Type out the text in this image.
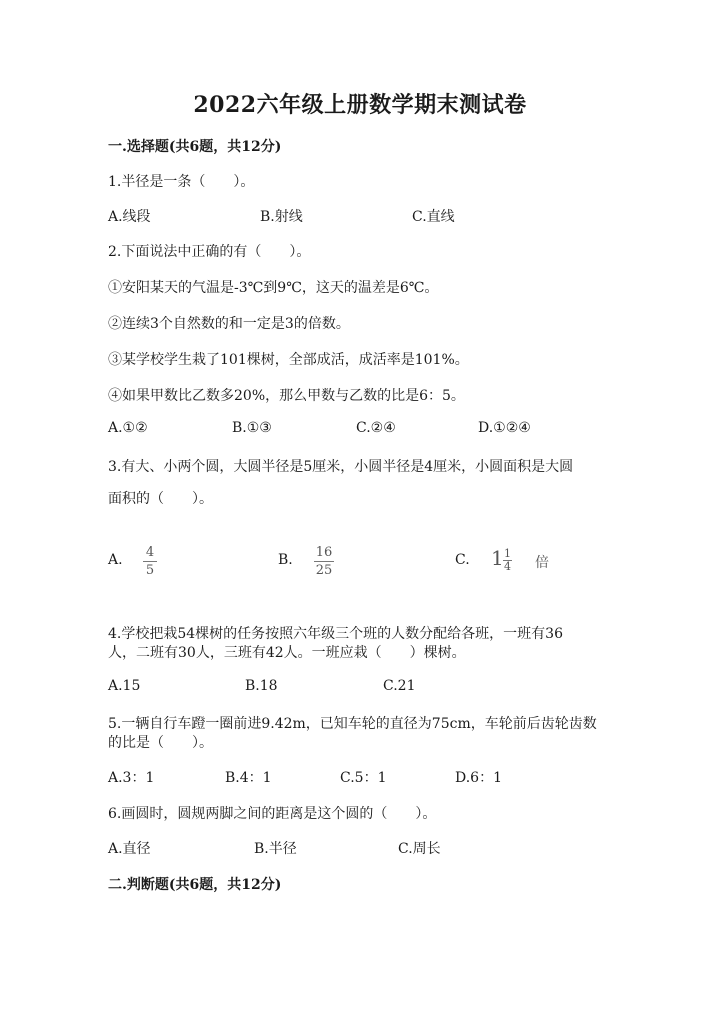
2022六年级上册数学期末测试卷
一.选择题(共6题，共12分)
1.半径是一条（　　）。
A.线段	B.射线	C.直线
2.下面说法中正确的有（　　）。
①安阳某天的气温是-3℃到9℃，这天的温差是6℃。
②连续3个自然数的和一定是3的倍数。
③某学校学生栽了101棵树，全部成活，成活率是101%。
④如果甲数比乙数多20%，那么甲数与乙数的比是6：5。
A.①②	B.①③	C.②④	D.①②④
3.有大、小两个圆，大圆半径是5厘米，小圆半径是4厘米，小圆面积是大圆
面积的（　　）。
A. 4
5
B. 16
25
C. 1 1
4 倍
4.学校把栽54棵树的任务按照六年级三个班的人数分配给各班，一班有36
人，二班有30人，三班有42人。一班应栽（　　）棵树。
A.15	B.18	C.21
5.一辆自行车蹬一圈前进9.42m，已知车轮的直径为75cm，车轮前后齿轮齿数
的比是（　　）。
A.3：1	B.4：1	C.5：1	D.6：1
6.画圆时，圆规两脚之间的距离是这个圆的（　　）。
A.直径	B.半径	C.周长
二.判断题(共6题，共12分)
